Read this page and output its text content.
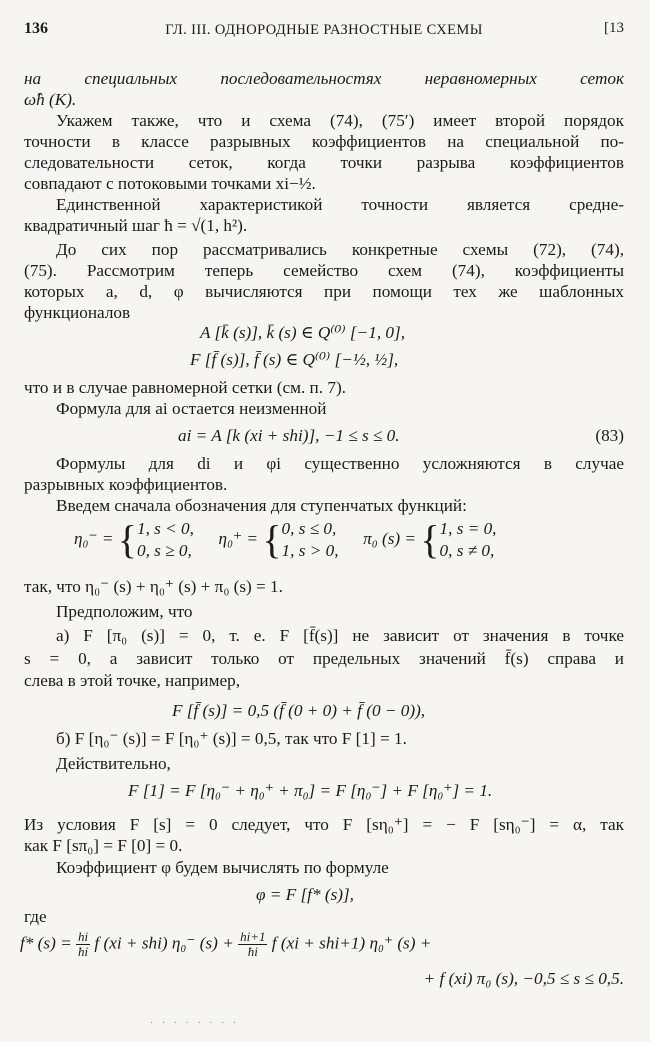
136	ГЛ. III. ОДНОРОДНЫЕ РАЗНОСТНЫЕ СХЕМЫ	[13
на специальных последовательностях неравномерных сеток
ω̂h (K).
Укажем также, что и схема (74), (75′) имеет второй порядок
точности в классе разрывных коэффициентов на специальной по-
следовательности сеток, когда точки разрыва коэффициентов
совпадают с потоковыми точками xi−½.
Единственной характеристикой точности является средне-
квадратичный шаг ħ = √(1, h²).
До сих пор рассматривались конкретные схемы (72), (74),
(75). Рассмотрим теперь семейство схем (74), коэффициенты
которых a, d, φ вычисляются при помощи тех же шаблонных
функционалов
A [k̄ (s)], k̄ (s) ∈ Q⁽⁰⁾ [−1, 0],
F [f̄ (s)], f̄ (s) ∈ Q⁽⁰⁾ [−½, ½],
что и в случае равномерной сетки (см. п. 7).
Формула для ai остается неизменной
ai = A [k (xi + shi)], −1 ≤ s ≤ 0.	(83)
Формулы для di и φi существенно усложняются в случае
разрывных коэффициентов.
Введем сначала обозначения для ступенчатых функций:
η₀⁻ = {1, s < 0,
0, s ≥ 0,  η₀⁺ = {0, s ≤ 0,
1, s > 0,  π₀ (s) = {1, s = 0,
0, s ≠ 0,
так, что η₀⁻ (s) + η₀⁺ (s) + π₀ (s) = 1.
Предположим, что
а) F [π₀ (s)] = 0, т. е. F [f̄(s)] не зависит от значения в точке
s = 0, а зависит только от предельных значений f̄(s) справа и
слева в этой точке, например,
F [f̄ (s)] = 0,5 (f̄ (0 + 0) + f̄ (0 − 0)),
б) F [η₀⁻ (s)] = F [η₀⁺ (s)] = 0,5, так что F [1] = 1.
Действительно,
F [1] = F [η₀⁻ + η₀⁺ + π₀] = F [η₀⁻] + F [η₀⁺] = 1.
Из условия F [s] = 0 следует, что F [sη₀⁺] = − F [sη₀⁻] = α, так
как F [sπ₀] = F [0] = 0.
Коэффициент φ будем вычислять по формуле
φ = F [f* (s)],
где
f* $(s) = \frac{hi}{ħi}$ f (xi + shi) η₀⁻ $(s) + \frac{hi+1}{ħi}$ f (xi + shi+1) η₀⁺ (s) +
+ f (xi) π₀ (s), −0,5 ≤ s ≤ 0,5.
· · · · · · · ·
